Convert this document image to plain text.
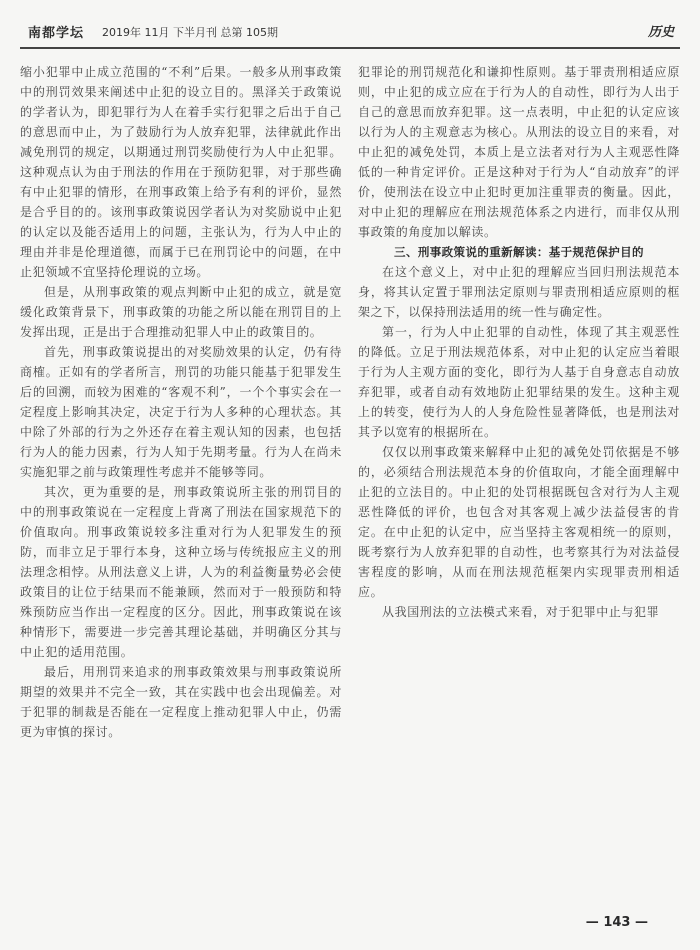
南都学坛 2019年 11月 下半月刊 总第 105期	历史

缩小犯罪中止成立范围的“不利”后果。一般多从刑事政策中的刑罚效果来阐述中止犯的设立目的。黑泽关于政策说的学者认为，即犯罪行为人在着手实行犯罪之后出于自己的意思而中止，为了鼓励行为人放弃犯罪，法律就此作出减免刑罚的规定，以期通过刑罚奖励使行为人中止犯罪。这种观点认为由于刑法的作用在于预防犯罪，对于那些确有中止犯罪的情形，在刑事政策上给予有利的评价，显然是合乎目的的。该刑事政策说因学者认为对奖励说中止犯的认定以及能否适用上的问题，主张认为，行为人中止的理由并非是伦理道德，而属于已在刑罚论中的问题，在中止犯领域不宜坚持伦理说的立场。

但是，从刑事政策的观点判断中止犯的成立，就是宽缓化政策背景下，刑事政策的功能之所以能在刑罚目的上发挥出现，正是出于合理推动犯罪人中止的政策目的。

首先，刑事政策说提出的对奖励效果的认定，仍有待商榷。正如有的学者所言，刑罚的功能只能基于犯罪发生后的回溯，而较为困难的“客观不利”，一个个事实会在一定程度上影响其决定，决定于行为人多种的心理状态。其中除了外部的行为之外还存在着主观认知的因素，也包括行为人的能力因素，行为人知于先期考量。行为人在尚未实施犯罪之前与政策理性考虑并不能够等同。

其次，更为重要的是，刑事政策说所主张的刑罚目的中的刑事政策说在一定程度上背离了刑法在国家规范下的价值取向。刑事政策说较多注重对行为人犯罪发生的预防，而非立足于罪行本身，这种立场与传统报应主义的刑法理念相悖。从刑法意义上讲，人为的利益衡量势必会使政策目的让位于结果而不能兼顾，然而对于一般预防和特殊预防应当作出一定程度的区分。因此，刑事政策说在该种情形下，需要进一步完善其理论基础，并明确区分其与中止犯的适用范围。

最后，用刑罚来追求的刑事政策效果与刑事政策说所期望的效果并不完全一致，其在实践中也会出现偏差。对于犯罪的制裁是否能在一定程度上推动犯罪人中止，仍需更为审慎的探讨。

犯罪论的刑罚规范化和谦抑性原则。基于罪责刑相适应原则，中止犯的成立应在于行为人的自动性，即行为人出于自己的意思而放弃犯罪。这一点表明，中止犯的认定应该以行为人的主观意志为核心。从刑法的设立目的来看，对中止犯的减免处罚，本质上是立法者对行为人主观恶性降低的一种肯定评价。正是这种对于行为人“自动放弃”的评价，使刑法在设立中止犯时更加注重罪责的衡量。因此，对中止犯的理解应在刑法规范体系之内进行，而非仅从刑事政策的角度加以解读。

三、刑事政策说的重新解读：基于规范保护目的

在这个意义上，对中止犯的理解应当回归刑法规范本身，将其认定置于罪刑法定原则与罪责刑相适应原则的框架之下，以保持刑法适用的统一性与确定性。

第一，行为人中止犯罪的自动性，体现了其主观恶性的降低。立足于刑法规范体系，对中止犯的认定应当着眼于行为人主观方面的变化，即行为人基于自身意志自动放弃犯罪，或者自动有效地防止犯罪结果的发生。这种主观上的转变，使行为人的人身危险性显著降低，也是刑法对其予以宽宥的根据所在。

仅仅以刑事政策来解释中止犯的减免处罚依据是不够的，必须结合刑法规范本身的价值取向，才能全面理解中止犯的立法目的。中止犯的处罚根据既包含对行为人主观恶性降低的评价，也包含对其客观上减少法益侵害的肯定。在中止犯的认定中，应当坚持主客观相统一的原则，既考察行为人放弃犯罪的自动性，也考察其行为对法益侵害程度的影响，从而在刑法规范框架内实现罪责刑相适应。

从我国刑法的立法模式来看，对于犯罪中止与犯罪

— 143 —
